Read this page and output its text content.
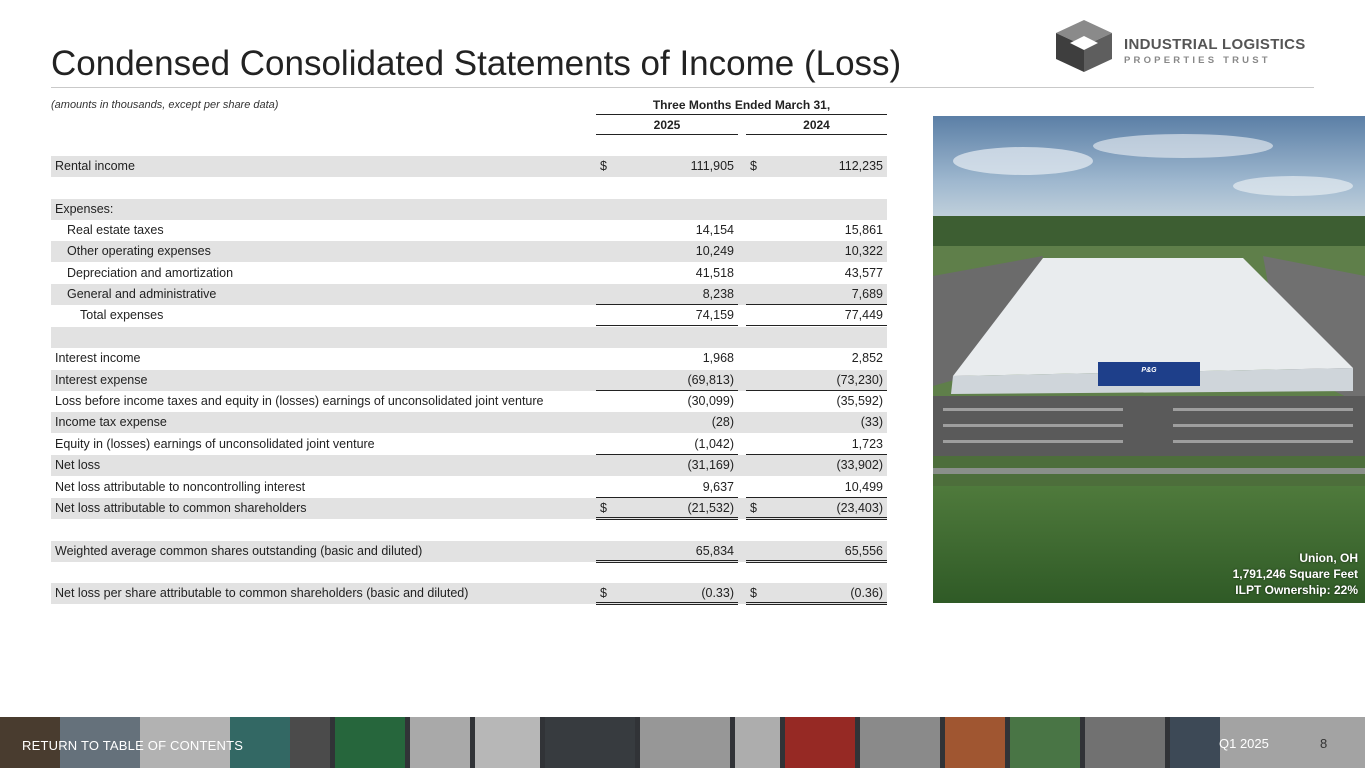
Condensed Consolidated Statements of Income (Loss)	INDUSTRIAL LOGISTICS
PROPERTIES TRUST
(amounts in thousands, except per share data)	Three Months Ended March 31,
2025	2024
Rental income	$	111,905 $	112,235
Expenses:
Real estate taxes	14,154	15,861
Other operating expenses	10,249	10,322
Depreciation and amortization	41,518	43,577
General and administrative	8,238	7,689
Total expenses	74,159	77,449
Interest income	1,968	2,852
Interest expense	(69,813)	(73,230)
Loss before income taxes and equity in (losses) earnings of unconsolidated joint venture	(30,099)	(35,592)
Income tax expense	(28)	(33)
Equity in (losses) earnings of unconsolidated joint venture	(1,042)	1,723
Net loss	(31,169)	(33,902)
Net loss attributable to noncontrolling interest	9,637	10,499
Net loss attributable to common shareholders	$	(21,532) $	(23,403)
Weighted average common shares outstanding (basic and diluted)	65,834	65,556
Net loss per share attributable to common shareholders (basic and diluted)	$	(0.33) $	(0.36)
P&G
Union, OH
1,791,246 Square Feet
ILPT Ownership: 22%
RETURN TO TABLE OF CONTENTS	Q1 2025	8
